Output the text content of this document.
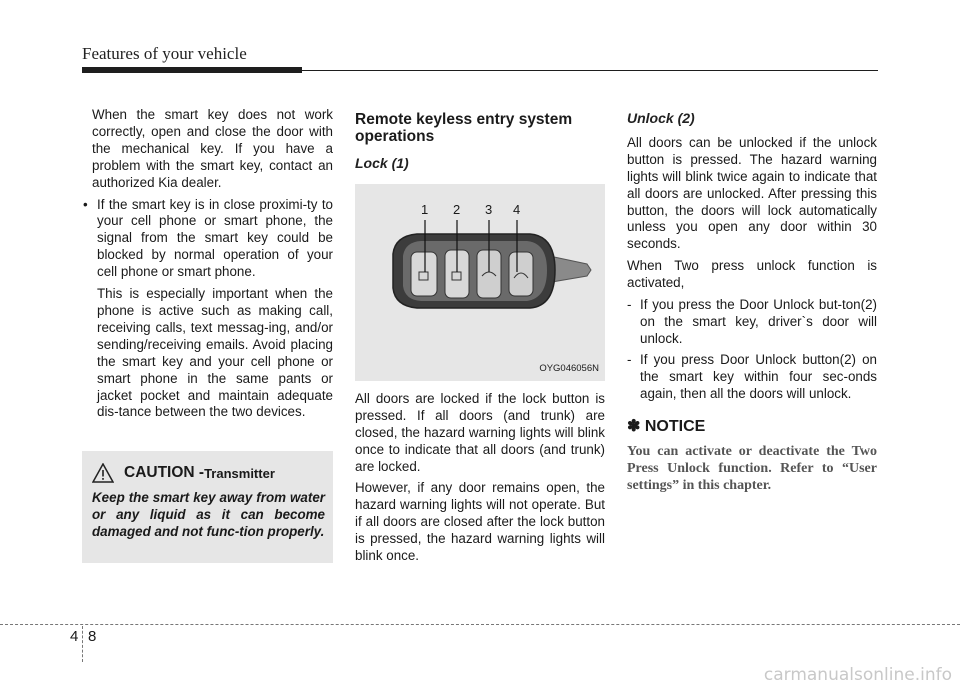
Features of your vehicle

When the smart key does not work correctly, open and close the door with the mechanical key. If you have a problem with the smart key, contact an authorized Kia dealer.

• If the smart key is in close proximi-ty to your cell phone or smart phone, the signal from the smart key could be blocked by normal operation of your cell phone or smart phone.

This is especially important when the phone is active such as making call, receiving calls, text messag-ing, and/or sending/receiving emails. Avoid placing the smart key and your cell phone or smart phone in the same pants or jacket pocket and maintain adequate dis-tance between the two devices.

CAUTION - Transmitter
Keep the smart key away from water or any liquid as it can become damaged and not func-tion properly.
Remote keyless entry system operations
Lock (1)
1 2 3 4
OYG046056N

All doors are locked if the lock button is pressed. If all doors (and trunk) are closed, the hazard warning lights will blink once to indicate that all doors (and trunk) are locked.

However, if any door remains open, the hazard warning lights will not operate. But if all doors are closed after the lock button is pressed, the hazard warning lights will blink once.

Unlock (2)

All doors can be unlocked if the unlock button is pressed. The hazard warning lights will blink twice again to indicate that all doors are unlocked. After pressing this button, the doors will lock automatically unless you open any door within 30 seconds.

When Two press unlock function is activated,

- If you press the Door Unlock but-ton(2) on the smart key, driver`s door will unlock.
- If you press Door Unlock button(2) on the smart key within four sec-onds again, then all the doors will unlock.
✽ NOTICE

You can activate or deactivate the Two Press Unlock function. Refer to “User settings” in this chapter.

4 8
carmanualsonline.info
